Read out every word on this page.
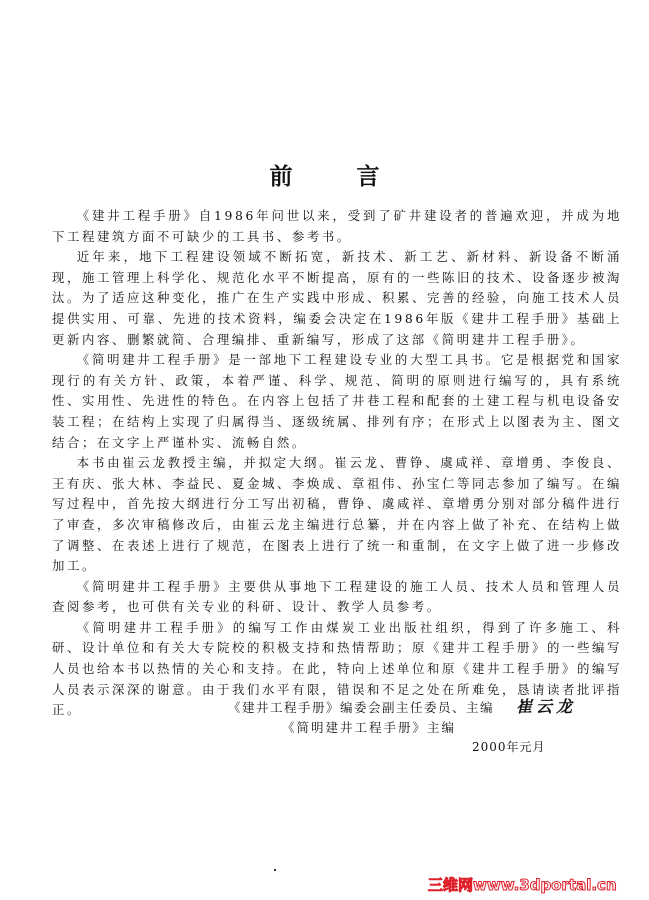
前 言

《建井工程手册》自1986年问世以来，受到了矿井建设者的普遍欢迎，并成为地下工程建筑方面不可缺少的工具书、参考书。

近年来，地下工程建设领域不断拓宽，新技术、新工艺、新材料、新设备不断涌现，施工管理上科学化、规范化水平不断提高，原有的一些陈旧的技术、设备逐步被淘汰。为了适应这种变化，推广在生产实践中形成、积累、完善的经验，向施工技术人员提供实用、可靠、先进的技术资料，编委会决定在1986年版《建井工程手册》基础上更新内容、删繁就简、合理编排、重新编写，形成了这部《简明建井工程手册》。

《简明建井工程手册》是一部地下工程建设专业的大型工具书。它是根据党和国家现行的有关方针、政策，本着严谨、科学、规范、简明的原则进行编写的，具有系统性、实用性、先进性的特色。在内容上包括了井巷工程和配套的土建工程与机电设备安装工程；在结构上实现了归属得当、逐级统属、排列有序；在形式上以图表为主、图文结合；在文字上严谨朴实、流畅自然。

本书由崔云龙教授主编，并拟定大纲。崔云龙、曹铮、虞咸祥、章增勇、李俊良、王有庆、张大林、李益民、夏金城、李焕成、章祖伟、孙宝仁等同志参加了编写。在编写过程中，首先按大纲进行分工写出初稿，曹铮、虞咸祥、章增勇分别对部分稿件进行了审查，多次审稿修改后，由崔云龙主编进行总纂，并在内容上做了补充、在结构上做了调整、在表述上进行了规范，在图表上进行了统一和重制，在文字上做了进一步修改加工。

《简明建井工程手册》主要供从事地下工程建设的施工人员、技术人员和管理人员查阅参考，也可供有关专业的科研、设计、教学人员参考。

《简明建井工程手册》的编写工作由煤炭工业出版社组织，得到了许多施工、科研、设计单位和有关大专院校的积极支持和热情帮助；原《建井工程手册》的一些编写人员也给本书以热情的关心和支持。在此，特向上述单位和原《建井工程手册》的编写人员表示深深的谢意。由于我们水平有限，错误和不足之处在所难免，恳请读者批评指正。	《建井工程手册》编委会副主任委员、主编 崔云龙
《简明建井工程手册》主编
2000年元月
三维网www.3dportal.cn
